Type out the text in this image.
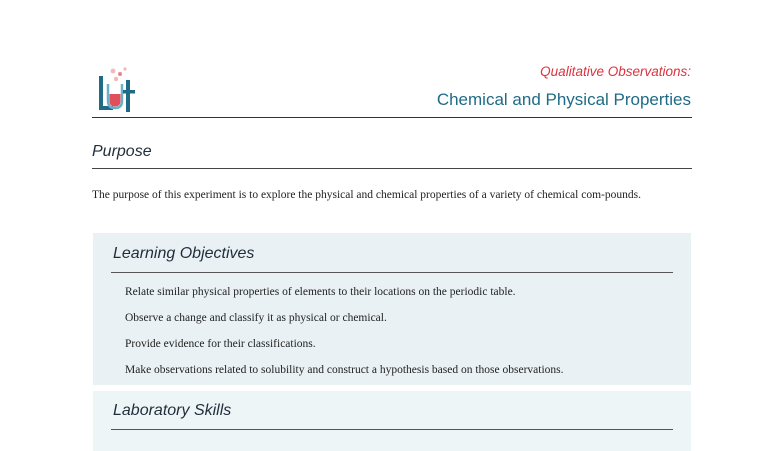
Qualitative Observations:
Chemical and Physical Properties
Purpose
The purpose of this experiment is to explore the physical and chemical properties of a variety of chemical com-pounds.
Learning Objectives
Relate similar physical properties of elements to their locations on the periodic table.
Observe a change and classify it as physical or chemical.
Provide evidence for their classifications.
Make observations related to solubility and construct a hypothesis based on those observations.
Laboratory Skills
